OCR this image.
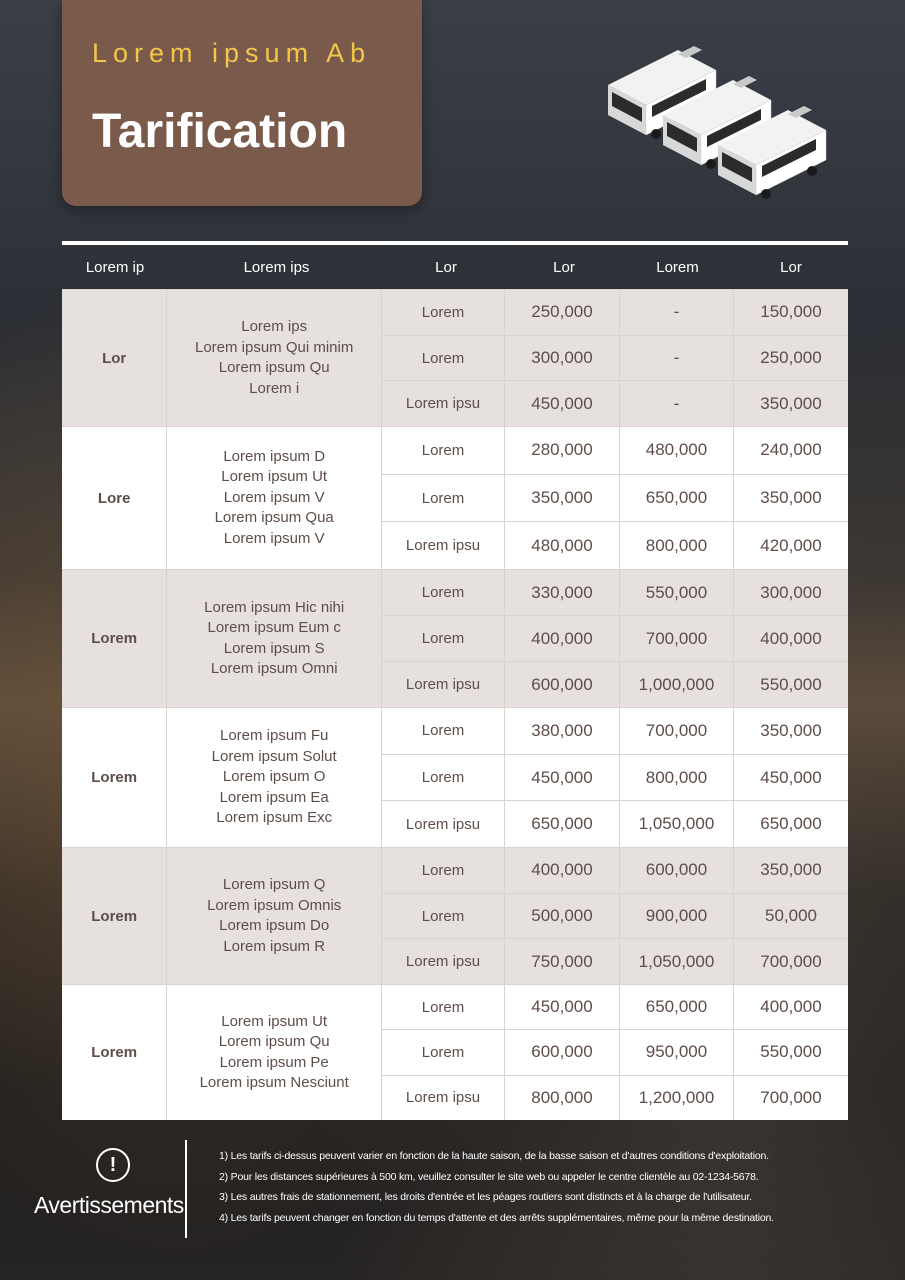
Lorem ipsum Ab
Tarification
Lorem ip	Lorem ips	Lor	Lor	Lorem	Lor
Lor
Lorem ips
Lorem ipsum Qui minim
Lorem ipsum Qu
Lorem i
Lorem	250,000	-	150,000
Lorem	300,000	-	250,000
Lorem ipsu	450,000	-	350,000
Lore
Lorem ipsum D
Lorem ipsum Ut
Lorem ipsum V
Lorem ipsum Qua
Lorem ipsum V
Lorem	280,000	480,000	240,000
Lorem	350,000	650,000	350,000
Lorem ipsu	480,000	800,000	420,000
Lorem
Lorem ipsum Hic nihi
Lorem ipsum Eum c
Lorem ipsum S
Lorem ipsum Omni
Lorem	330,000	550,000	300,000
Lorem	400,000	700,000	400,000
Lorem ipsu	600,000	1,000,000	550,000
Lorem
Lorem ipsum Fu
Lorem ipsum Solut
Lorem ipsum O
Lorem ipsum Ea
Lorem ipsum Exc
Lorem	380,000	700,000	350,000
Lorem	450,000	800,000	450,000
Lorem ipsu	650,000	1,050,000	650,000
Lorem
Lorem ipsum Q
Lorem ipsum Omnis
Lorem ipsum Do
Lorem ipsum R
Lorem	400,000	600,000	350,000
Lorem	500,000	900,000	50,000
Lorem ipsu	750,000	1,050,000	700,000
Lorem
Lorem ipsum Ut
Lorem ipsum Qu
Lorem ipsum Pe
Lorem ipsum Nesciunt
Lorem	450,000	650,000	400,000
Lorem	600,000	950,000	550,000
Lorem ipsu	800,000	1,200,000	700,000
!
Avertissements
1) Les tarifs ci-dessus peuvent varier en fonction de la haute saison, de la basse saison et d'autres conditions d'exploitation.
2) Pour les distances supérieures à 500 km, veuillez consulter le site web ou appeler le centre clientèle au 02-1234-5678.
3) Les autres frais de stationnement, les droits d'entrée et les péages routiers sont distincts et à la charge de l'utilisateur.
4) Les tarifs peuvent changer en fonction du temps d'attente et des arrêts supplémentaires, même pour la même destination.
